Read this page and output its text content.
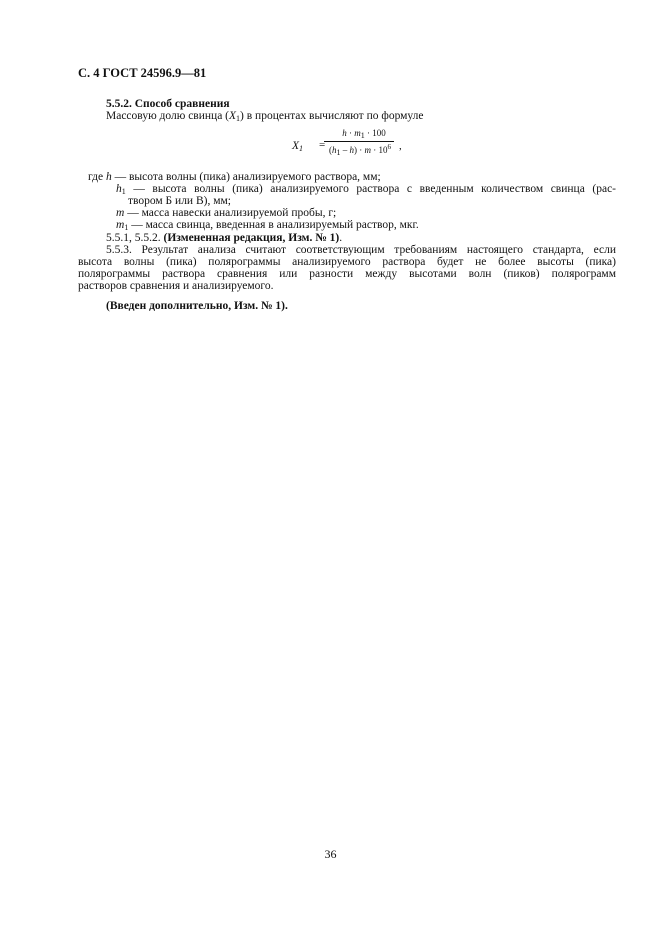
С. 4 ГОСТ 24596.9—81
5.5.2. Способ сравнения
Массовую долю свинца $(X_1)$ в процентах вычисляют по формуле
$X_1$ =
$h \cdot m_1 \cdot 100$
$(h_1 - h) \cdot m \cdot 10^6$ ,
где h — высота волны (пика) анализируемого раствора, мм;
$h_1$ — высота волны (пика) анализируемого раствора с введенным количеством свинца (рас-
твором Б или В), мм;
m — масса навески анализируемой пробы, г;
$m_1$ — масса свинца, введенная в анализируемый раствор, мкг.
5.5.1, 5.5.2. (Измененная редакция, Изм. № 1).
5.5.3. Результат анализа считают соответствующим требованиям настоящего стандарта, если
высота волны (пика) полярограммы анализируемого раствора будет не более высоты (пика)
полярограммы раствора сравнения или разности между высотами волн (пиков) полярограмм
растворов сравнения и анализируемого.
(Введен дополнительно, Изм. № 1).
36
